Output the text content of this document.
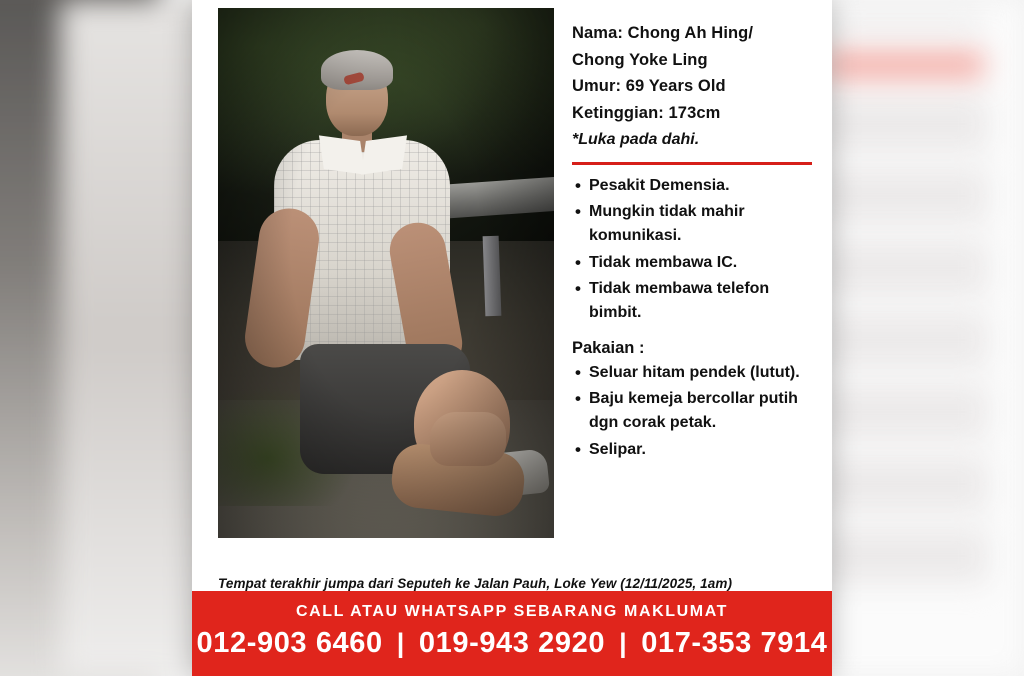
Nama: Chong Ah Hing/
Chong Yoke Ling
Umur: 69 Years Old
Ketinggian: 173cm
*Luka pada dahi.
• Pesakit Demensia.
• Mungkin tidak mahir komunikasi.
• Tidak membawa IC.
• Tidak membawa telefon bimbit.
Pakaian :
• Seluar hitam pendek (lutut).
• Baju kemeja bercollar putih dgn corak petak.
• Selipar.
Tempat terakhir jumpa dari Seputeh ke Jalan Pauh, Loke Yew (12/11/2025, 1am)
CALL ATAU WHATSAPP SEBARANG MAKLUMAT
012-903 6460 | 019-943 2920 | 017-353 7914
